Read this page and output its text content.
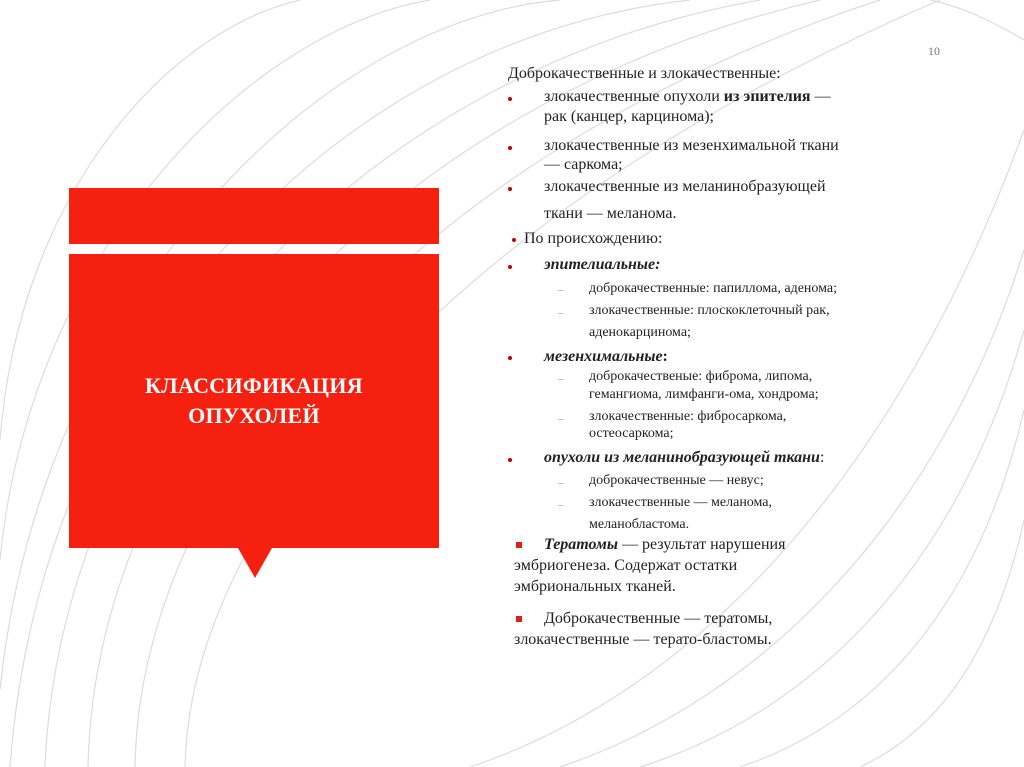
10
КЛАССИФИКАЦИЯ ОПУХОЛЕЙ
Доброкачественные и злокачественные:
злокачественные опухоли из эпителия —
рак (канцер, карцинома);
злокачественные из мезенхимальной ткани
— саркома;
злокачественные из меланинобразующей
ткани — меланома.
По происхождению:
эпителиальные:
– доброкачественные: папиллома, аденома;
– злокачественные: плоскоклеточный рак,
аденокарцинома;
мезенхимальные:
– доброкачественые: фиброма, липома,
гемангиома, лимфанги-ома, хондрома;
– злокачественные: фибросаркома,
остеосаркома;
опухоли из меланинобразующей ткани:
– доброкачественные — невус;
– злокачественные — меланома,
меланобластома.
Тератомы — результат нарушения
эмбриогенеза. Содержат остатки
эмбриональных тканей.
Доброкачественные — тератомы,
злокачественные — терато-бластомы.
